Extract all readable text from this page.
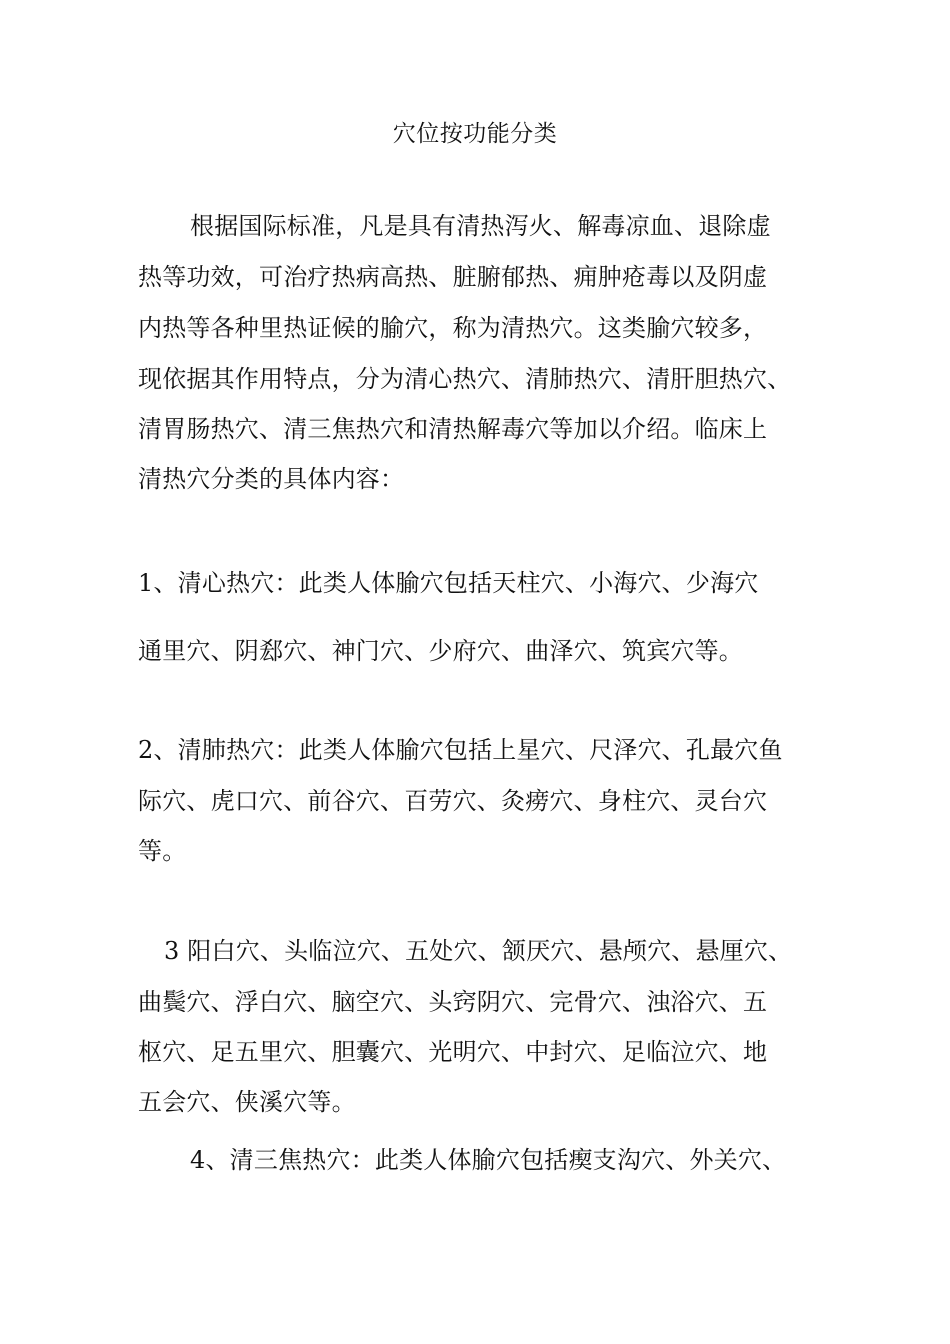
穴位按功能分类
根据国际标准，凡是具有清热泻火、解毒凉血、退除虚
热等功效，可治疗热病高热、脏腑郁热、痈肿疮毒以及阴虚
内热等各种里热证候的腧穴，称为清热穴。这类腧穴较多，
现依据其作用特点，分为清心热穴、清肺热穴、清肝胆热穴、
清胃肠热穴、清三焦热穴和清热解毒穴等加以介绍。临床上
清热穴分类的具体内容：
1、清心热穴：此类人体腧穴包括天柱穴、小海穴、少海穴
通里穴、阴郄穴、神门穴、少府穴、曲泽穴、筑宾穴等。
2、清肺热穴：此类人体腧穴包括上星穴、尺泽穴、孔最穴鱼
际穴、虎口穴、前谷穴、百劳穴、灸痨穴、身柱穴、灵台穴
等。
3 阳白穴、头临泣穴、五处穴、颔厌穴、悬颅穴、悬厘穴、
曲鬓穴、浮白穴、脑空穴、头窍阴穴、完骨穴、浊浴穴、五
枢穴、足五里穴、胆囊穴、光明穴、中封穴、足临泣穴、地
五会穴、侠溪穴等。
4、清三焦热穴：此类人体腧穴包括瘈支沟穴、外关穴、
